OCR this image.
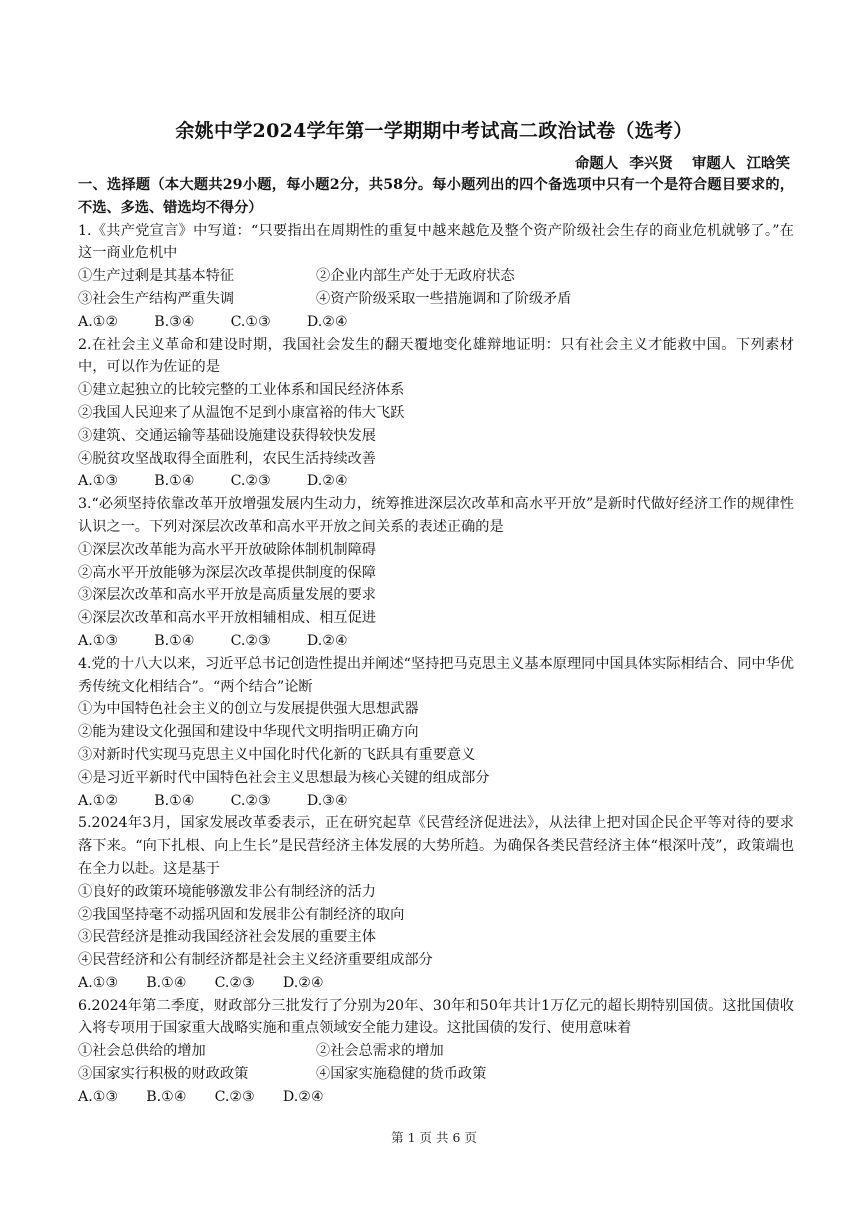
余姚中学2024学年第一学期期中考试高二政治试卷（选考）
命题人 李兴贤 审题人 江晗笑
一、选择题（本大题共29小题，每小题2分，共58分。每小题列出的四个备选项中只有一个是符合题目要求的，不选、多选、错选均不得分）
1.《共产党宣言》中写道：“只要指出在周期性的重复中越来越危及整个资产阶级社会生存的商业危机就够了。”在这一商业危机中
①生产过剩是其基本特征	②企业内部生产处于无政府状态
③社会生产结构严重失调	④资产阶级采取一些措施调和了阶级矛盾
A.①②	B.③④	C.①③	D.②④
2.在社会主义革命和建设时期，我国社会发生的翻天覆地变化雄辩地证明：只有社会主义才能救中国。下列素材中，可以作为佐证的是
①建立起独立的比较完整的工业体系和国民经济体系
②我国人民迎来了从温饱不足到小康富裕的伟大飞跃
③建筑、交通运输等基础设施建设获得较快发展
④脱贫攻坚战取得全面胜利，农民生活持续改善
A.①③	B.①④	C.②③	D.②④
3.“必须坚持依靠改革开放增强发展内生动力，统筹推进深层次改革和高水平开放”是新时代做好经济工作的规律性认识之一。下列对深层次改革和高水平开放之间关系的表述正确的是
①深层次改革能为高水平开放破除体制机制障碍
②高水平开放能够为深层次改革提供制度的保障
③深层次改革和高水平开放是高质量发展的要求
④深层次改革和高水平开放相辅相成、相互促进
A.①③	B.①④	C.②③	D.②④
4.党的十八大以来，习近平总书记创造性提出并阐述“坚持把马克思主义基本原理同中国具体实际相结合、同中华优秀传统文化相结合”。“两个结合”论断
①为中国特色社会主义的创立与发展提供强大思想武器
②能为建设文化强国和建设中华现代文明指明正确方向
③对新时代实现马克思主义中国化时代化新的飞跃具有重要意义
④是习近平新时代中国特色社会主义思想最为核心关键的组成部分
A.①②	B.①④	C.②③	D.③④
5.2024年3月，国家发展改革委表示，正在研究起草《民营经济促进法》，从法律上把对国企民企平等对待的要求落下来。“向下扎根、向上生长”是民营经济主体发展的大势所趋。为确保各类民营经济主体“根深叶茂”，政策端也在全力以赴。这是基于
①良好的政策环境能够激发非公有制经济的活力
②我国坚持毫不动摇巩固和发展非公有制经济的取向
③民营经济是推动我国经济社会发展的重要主体
④民营经济和公有制经济都是社会主义经济重要组成部分
A.①③ B.①④ C.②③ D.②④
6.2024年第二季度，财政部分三批发行了分别为20年、30年和50年共计1万亿元的超长期特别国债。这批国债收入将专项用于国家重大战略实施和重点领域安全能力建设。这批国债的发行、使用意味着
①社会总供给的增加	②社会总需求的增加
③国家实行积极的财政政策	④国家实施稳健的货币政策
A.①③ B.①④ C.②③ D.②④
第 1 页 共 6 页
